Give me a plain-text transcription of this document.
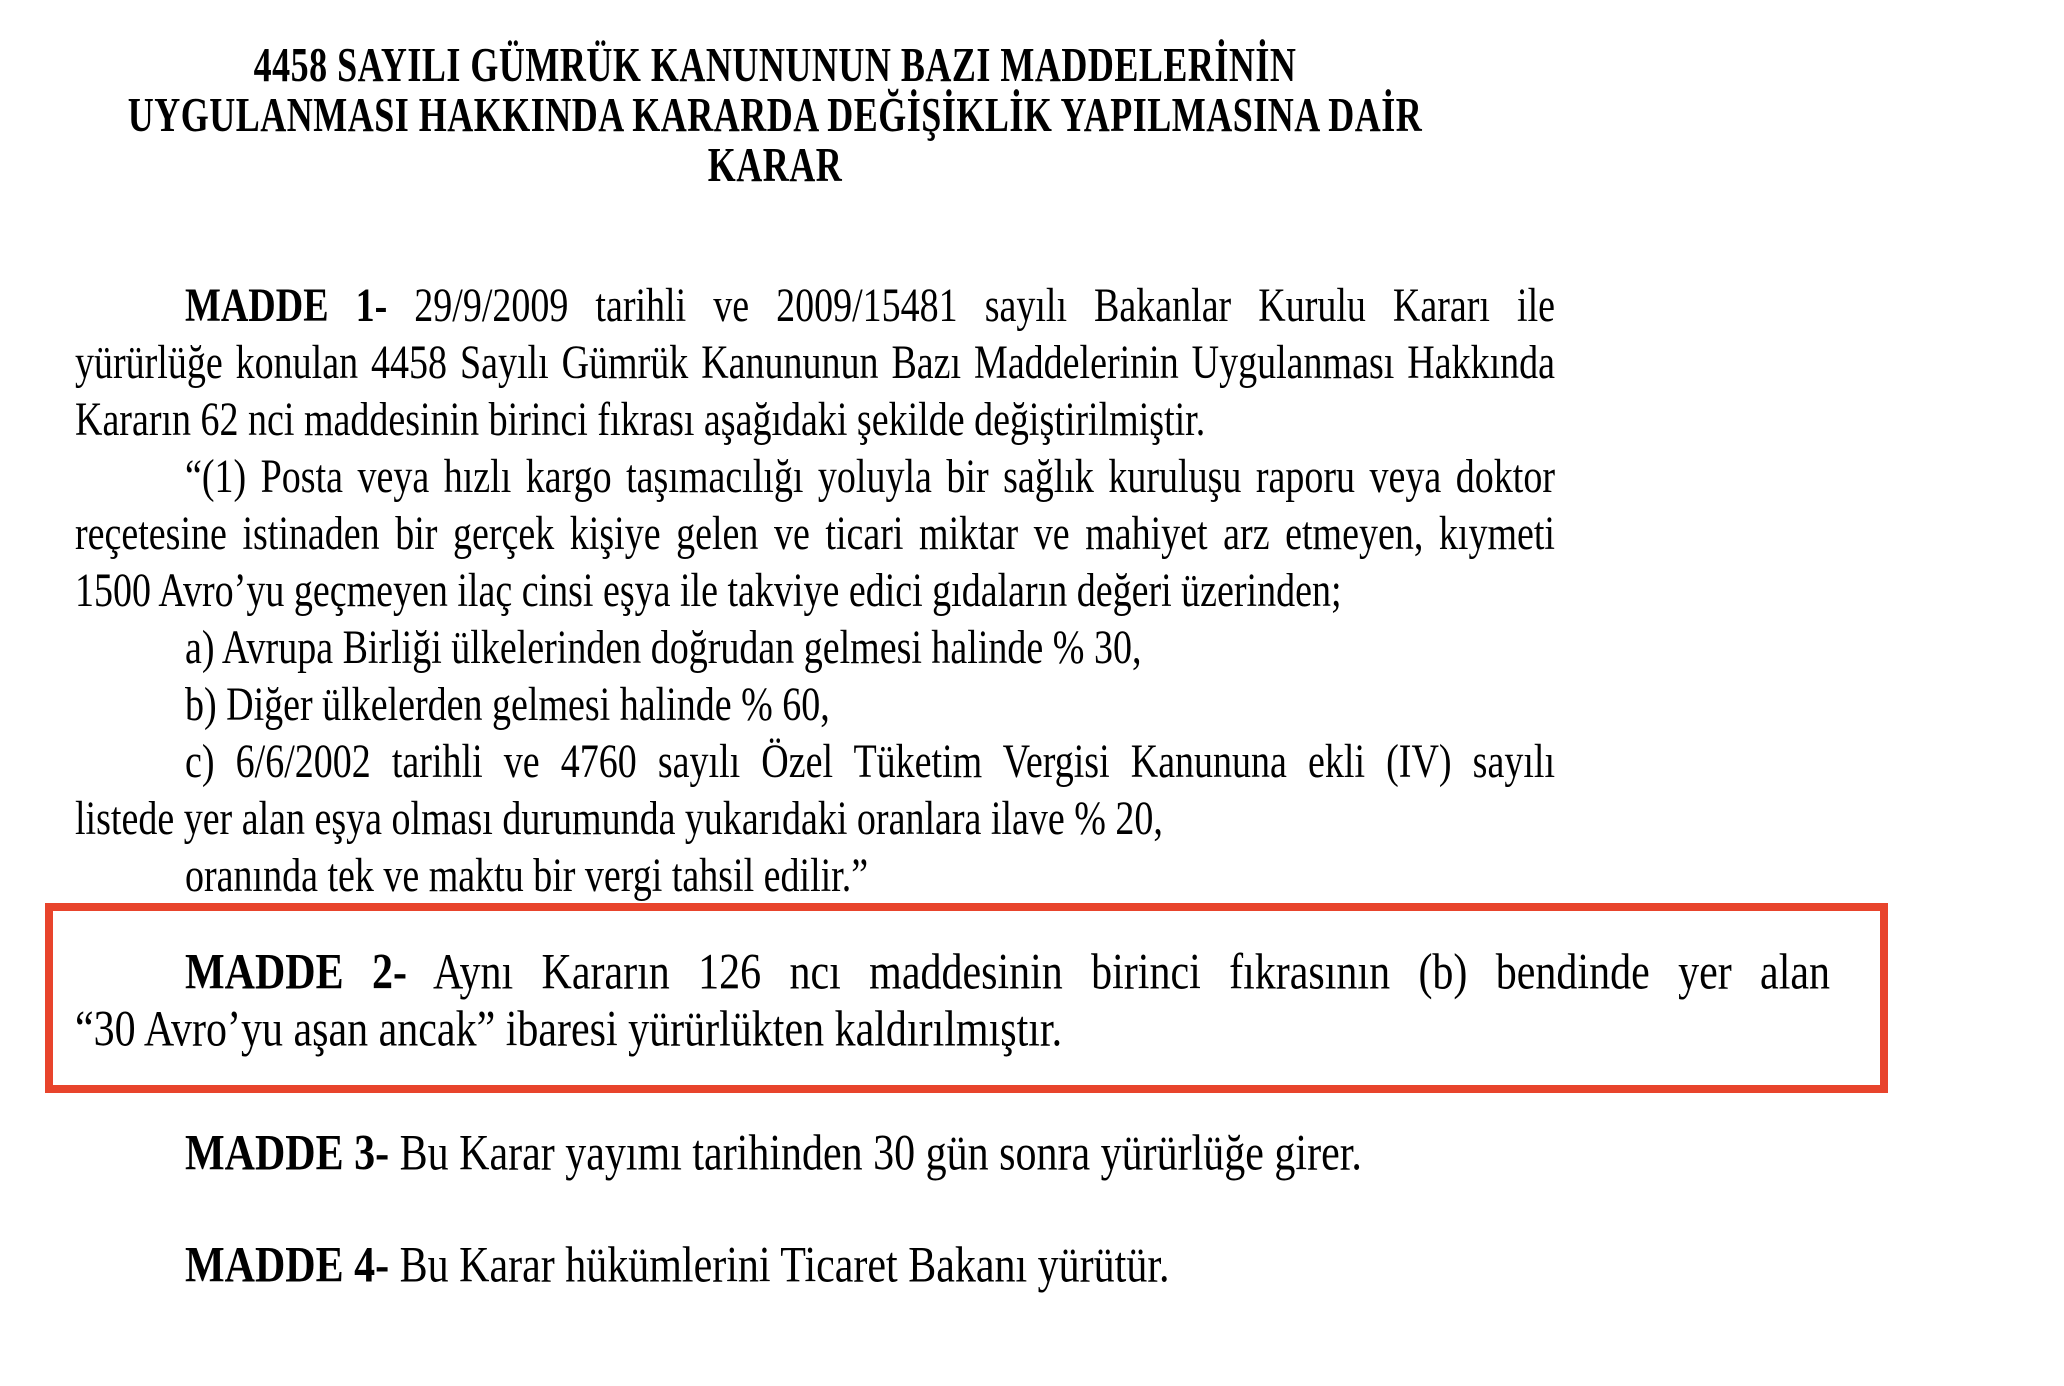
4458 SAYILI GÜMRÜK KANUNUNUN BAZI MADDELERİNİN
UYGULANMASI HAKKINDA KARARDA DEĞİŞİKLİK YAPILMASINA DAİR
KARAR
MADDE 1- 29/9/2009 tarihli ve 2009/15481 sayılı Bakanlar Kurulu Kararı ile
yürürlüğe konulan 4458 Sayılı Gümrük Kanununun Bazı Maddelerinin Uygulanması Hakkında
Kararın 62 nci maddesinin birinci fıkrası aşağıdaki şekilde değiştirilmiştir.
“(1) Posta veya hızlı kargo taşımacılığı yoluyla bir sağlık kuruluşu raporu veya doktor
reçetesine istinaden bir gerçek kişiye gelen ve ticari miktar ve mahiyet arz etmeyen, kıymeti
1500 Avro’yu geçmeyen ilaç cinsi eşya ile takviye edici gıdaların değeri üzerinden;
a) Avrupa Birliği ülkelerinden doğrudan gelmesi halinde % 30,
b) Diğer ülkelerden gelmesi halinde % 60,
c) 6/6/2002 tarihli ve 4760 sayılı Özel Tüketim Vergisi Kanununa ekli (IV) sayılı
listede yer alan eşya olması durumunda yukarıdaki oranlara ilave % 20,
oranında tek ve maktu bir vergi tahsil edilir.”
MADDE 2- Aynı Kararın 126 ncı maddesinin birinci fıkrasının (b) bendinde yer alan
“30 Avro’yu aşan ancak” ibaresi yürürlükten kaldırılmıştır.
MADDE 3- Bu Karar yayımı tarihinden 30 gün sonra yürürlüğe girer.
MADDE 4- Bu Karar hükümlerini Ticaret Bakanı yürütür.
